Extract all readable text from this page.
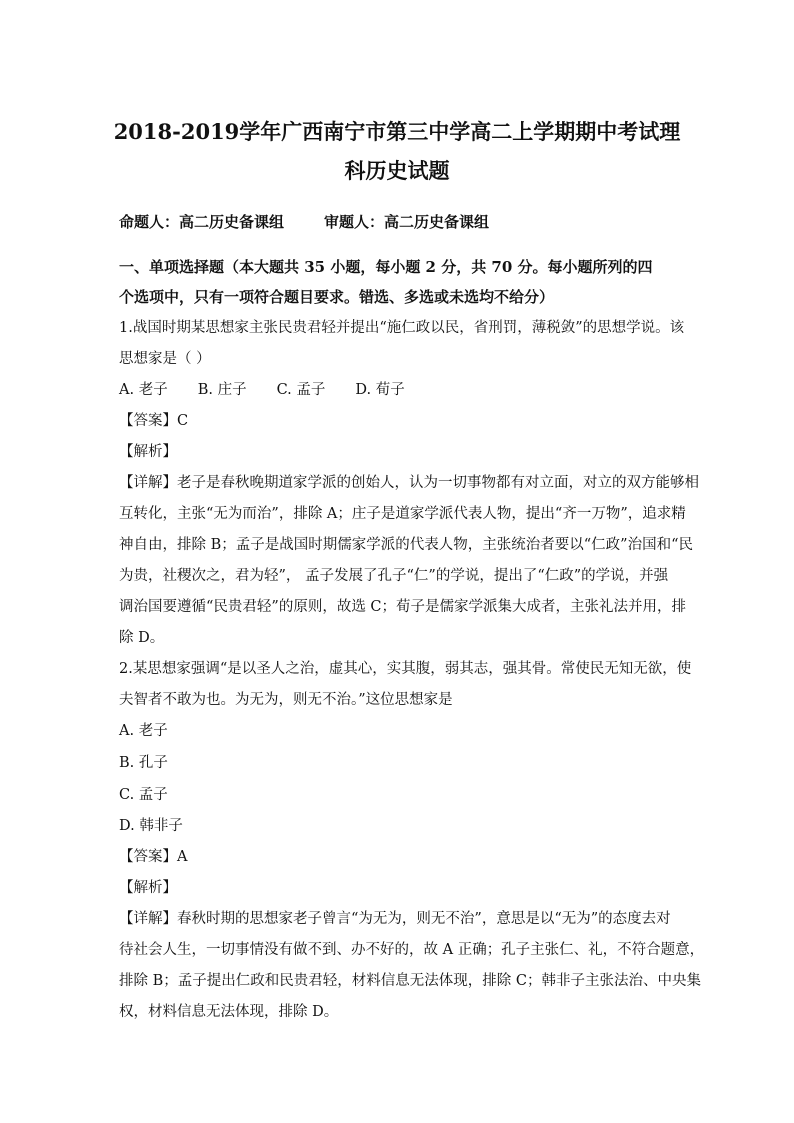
2018-2019学年广西南宁市第三中学高二上学期期中考试理
科历史试题
命题人：高二历史备课组	审题人：高二历史备课组
一、单项选择题（本大题共 35 小题，每小题 2 分，共 70 分。每小题所列的四
个选项中，只有一项符合题目要求。错选、多选或未选均不给分）
1.战国时期某思想家主张民贵君轻并提出“施仁政以民，省刑罚，薄税敛”的思想学说。该
思想家是（ ）
A. 老子 B. 庄子 C. 孟子 D. 荀子
【答案】C
【解析】
【详解】老子是春秋晚期道家学派的创始人，认为一切事物都有对立面，对立的双方能够相
互转化，主张“无为而治”，排除 A；庄子是道家学派代表人物，提出“齐一万物”，追求精
神自由，排除 B；孟子是战国时期儒家学派的代表人物，主张统治者要以“仁政”治国和“民
为贵，社稷次之，君为轻”， 孟子发展了孔子“仁”的学说，提出了“仁政”的学说，并强
调治国要遵循“民贵君轻”的原则，故选 C；荀子是儒家学派集大成者，主张礼法并用，排
除 D。
2.某思想家强调“是以圣人之治，虚其心，实其腹，弱其志，强其骨。常使民无知无欲，使
夫智者不敢为也。为无为，则无不治。”这位思想家是
A. 老子
B. 孔子
C. 孟子
D. 韩非子
【答案】A
【解析】
【详解】春秋时期的思想家老子曾言“为无为，则无不治”，意思是以“无为”的态度去对
待社会人生，一切事情没有做不到、办不好的，故 A 正确；孔子主张仁、礼，不符合题意，
排除 B；孟子提出仁政和民贵君轻，材料信息无法体现，排除 C；韩非子主张法治、中央集
权，材料信息无法体现，排除 D。
